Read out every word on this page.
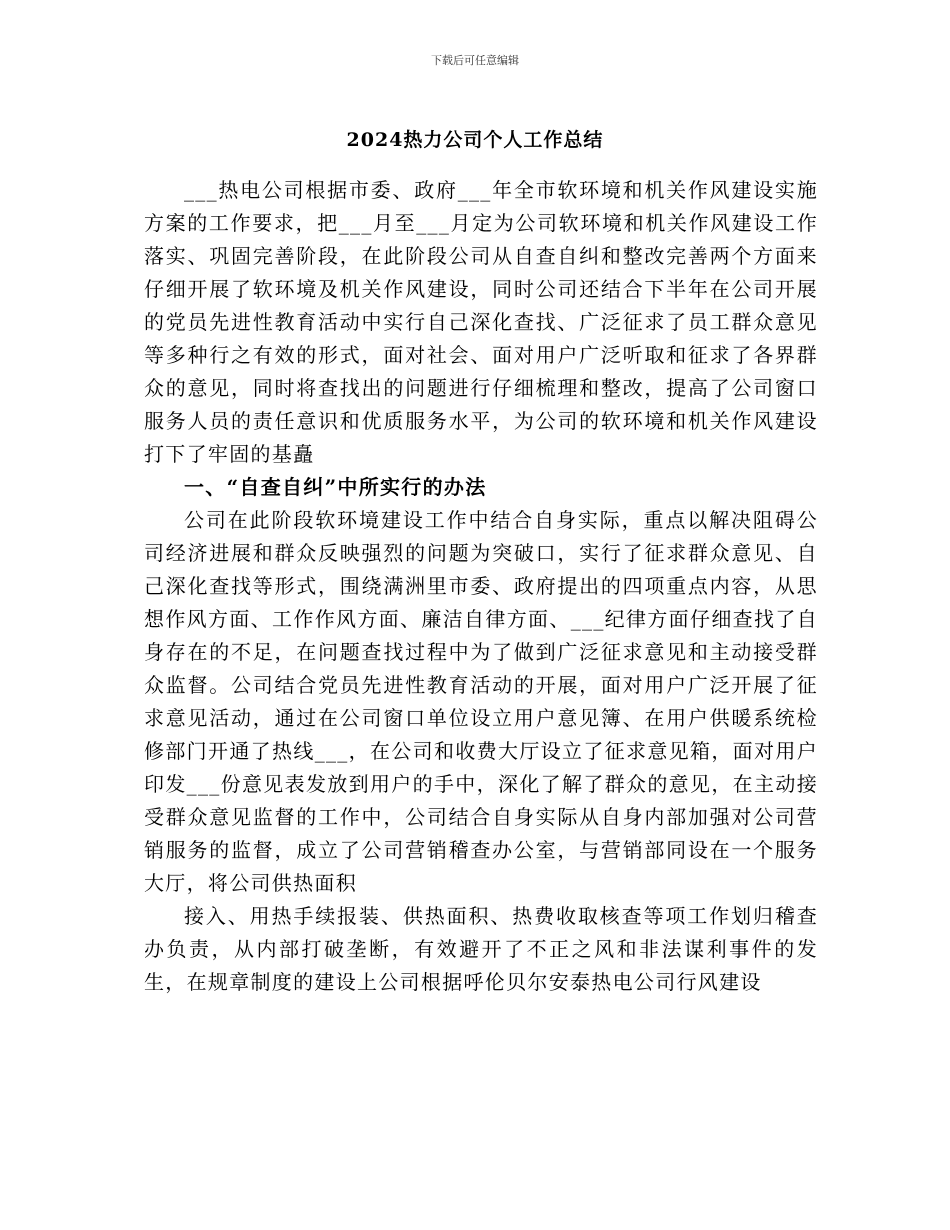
下载后可任意编辑
2024热力公司个人工作总结

___热电公司根据市委、政府___年全市软环境和机关作风建设实施方案的工作要求，把___月至___月定为公司软环境和机关作风建设工作落实、巩固完善阶段，在此阶段公司从自查自纠和整改完善两个方面来仔细开展了软环境及机关作风建设，同时公司还结合下半年在公司开展的党员先进性教育活动中实行自己深化查找、广泛征求了员工群众意见等多种行之有效的形式，面对社会、面对用户广泛听取和征求了各界群众的意见，同时将查找出的问题进行仔细梳理和整改，提高了公司窗口服务人员的责任意识和优质服务水平，为公司的软环境和机关作风建设打下了牢固的基矗

一、“自查自纠”中所实行的办法

公司在此阶段软环境建设工作中结合自身实际，重点以解决阻碍公司经济进展和群众反映强烈的问题为突破口，实行了征求群众意见、自己深化查找等形式，围绕满洲里市委、政府提出的四项重点内容，从思想作风方面、工作作风方面、廉洁自律方面、___纪律方面仔细查找了自身存在的不足，在问题查找过程中为了做到广泛征求意见和主动接受群众监督。公司结合党员先进性教育活动的开展，面对用户广泛开展了征求意见活动，通过在公司窗口单位设立用户意见簿、在用户供暖系统检修部门开通了热线___，在公司和收费大厅设立了征求意见箱，面对用户印发___份意见表发放到用户的手中，深化了解了群众的意见，在主动接受群众意见监督的工作中，公司结合自身实际从自身内部加强对公司营销服务的监督，成立了公司营销稽查办公室，与营销部同设在一个服务大厅，将公司供热面积

接入、用热手续报装、供热面积、热费收取核查等项工作划归稽查办负责，从内部打破垄断，有效避开了不正之风和非法谋利事件的发生，在规章制度的建设上公司根据呼伦贝尔安泰热电公司行风建设
